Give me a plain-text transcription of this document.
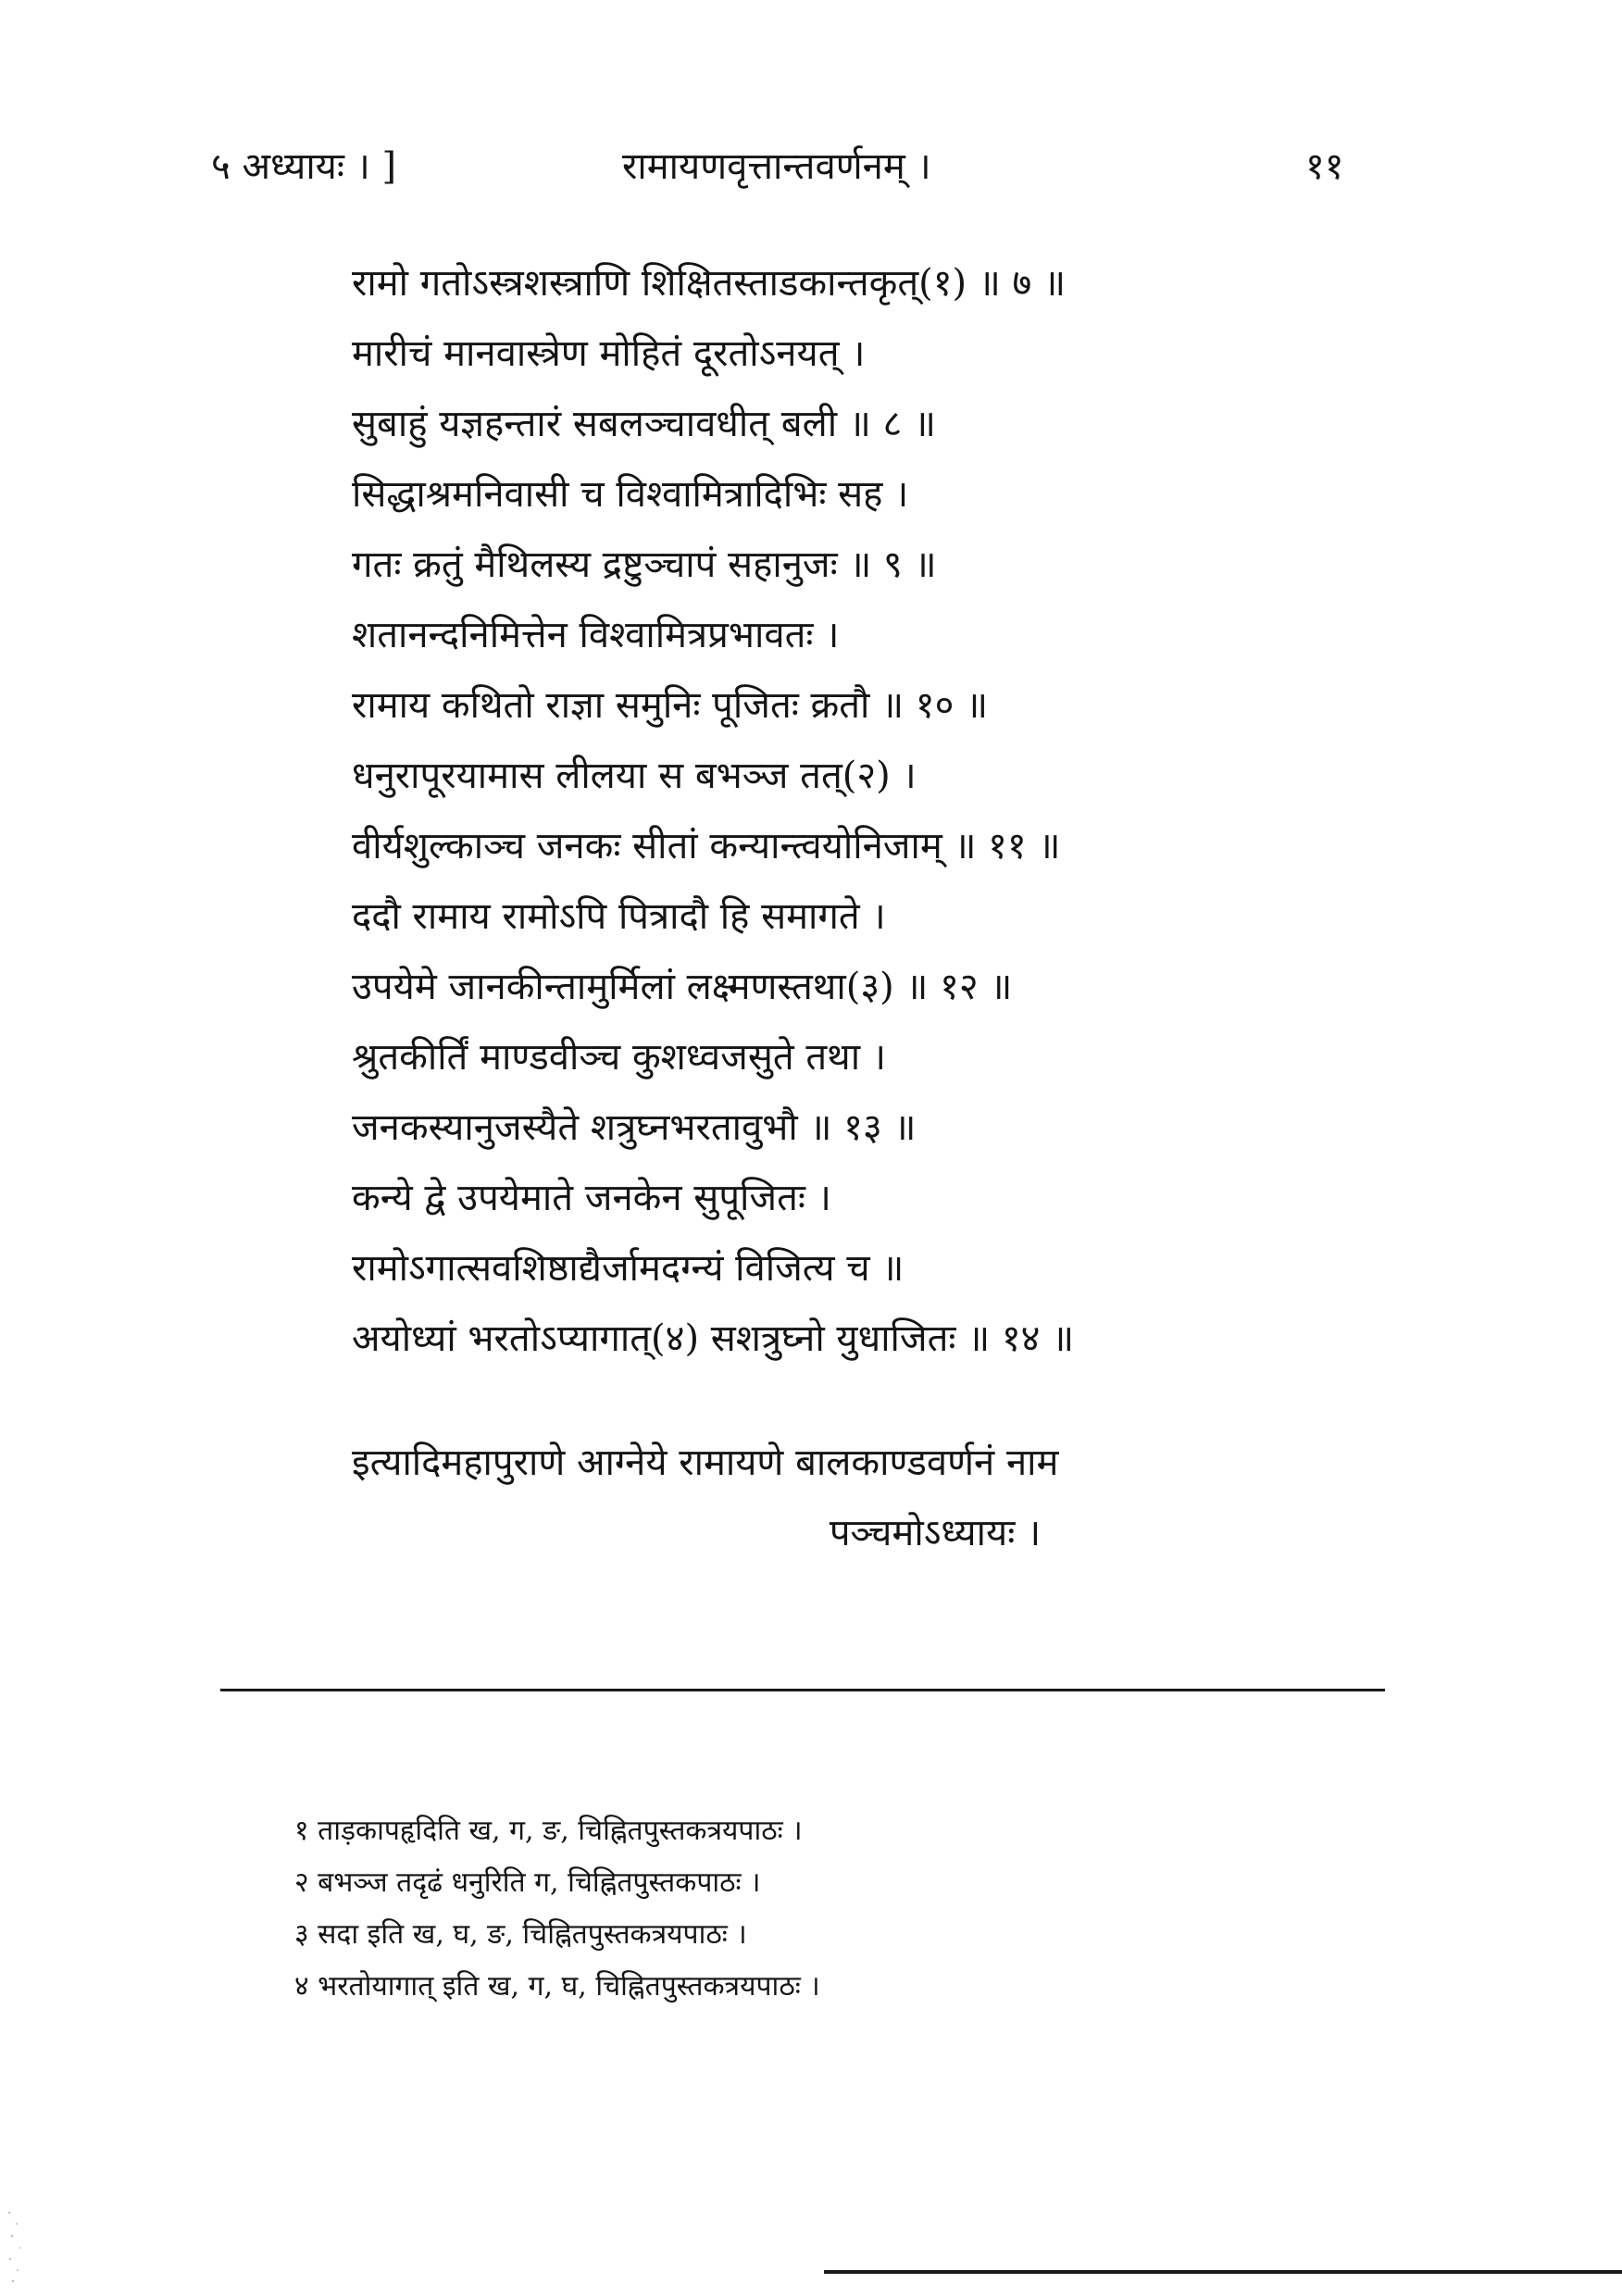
५ अध्यायः । ]	रामायणवृत्तान्तवर्णनम् ।	११
रामो गतोऽस्त्रशस्त्राणि शिक्षितस्ताडकान्तकृत्(१) ॥ ७ ॥
मारीचं मानवास्त्रेण मोहितं दूरतोऽनयत् ।
सुबाहुं यज्ञहन्तारं सबलञ्चावधीत् बली ॥ ८ ॥
सिद्धाश्रमनिवासी च विश्वामित्रादिभिः सह ।
गतः क्रतुं मैथिलस्य द्रष्टुञ्चापं सहानुजः ॥ ९ ॥
शतानन्दनिमित्तेन विश्वामित्रप्रभावतः ।
रामाय कथितो राज्ञा समुनिः पूजितः क्रतौ ॥ १० ॥
धनुरापूरयामास लीलया स बभञ्ज तत्(२) ।
वीर्यशुल्काञ्च जनकः सीतां कन्यान्त्वयोनिजाम् ॥ ११ ॥
ददौ रामाय रामोऽपि पित्रादौ हि समागते ।
उपयेमे जानकीन्तामुर्मिलां लक्ष्मणस्तथा(३) ॥ १२ ॥
श्रुतकीर्तिं माण्डवीञ्च कुशध्वजसुते तथा ।
जनकस्यानुजस्यैते शत्रुघ्नभरतावुभौ ॥ १३ ॥
कन्ये द्वे उपयेमाते जनकेन सुपूजितः ।
रामोऽगात्सवशिष्ठाद्यैर्जामदग्न्यं विजित्य च ॥
अयोध्यां भरतोऽप्यागात्(४) सशत्रुघ्नो युधाजितः ॥ १४ ॥
इत्यादिमहापुराणे आग्नेये रामायणे बालकाण्डवर्णनं नाम
पञ्चमोऽध्यायः ।
१ ताड़कापहृदिति ख, ग, ङ, चिह्नितपुस्तकत्रयपाठः ।
२ बभञ्ज तदृढं धनुरिति ग, चिह्नितपुस्तकपाठः ।
३ सदा इति ख, घ, ङ, चिह्नितपुस्तकत्रयपाठः ।
४ भरतोयागात् इति ख, ग, घ, चिह्नितपुस्तकत्रयपाठः ।
